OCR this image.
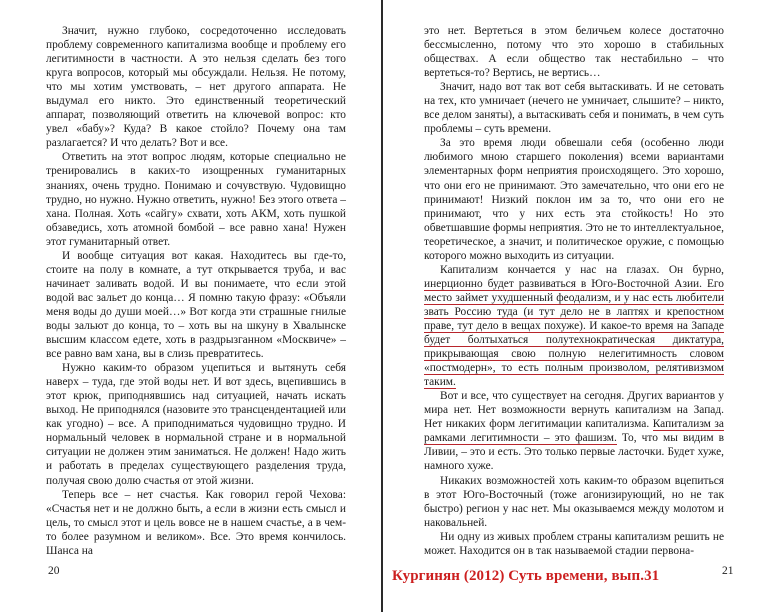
Значит, нужно глубоко, сосредоточенно исследовать проблему современного капитализма вообще и проблему его легитимности в частности. А это нельзя сделать без того круга вопросов, который мы обсуждали. Нельзя. Не потому, что мы хотим умствовать, – нет другого аппарата. Не выдумал его никто. Это единственный теоретический аппарат, позволяющий ответить на ключевой вопрос: кто увел «бабу»? Куда? В какое стойло? Почему она там разлагается? И что делать? Вот и все.

Ответить на этот вопрос людям, которые специально не тренировались в каких-то изощренных гуманитарных знаниях, очень трудно. Понимаю и сочувствую. Чудовищно трудно, но нужно. Нужно ответить, нужно! Без этого ответа – хана. Полная. Хоть «сайгу» схвати, хоть АКМ, хоть пушкой обзаведись, хоть атомной бомбой – все равно хана! Нужен этот гуманитарный ответ.

И вообще ситуация вот какая. Находитесь вы где-то, стоите на полу в комнате, а тут открывается труба, и вас начинает заливать водой. И вы понимаете, что если этой водой вас зальет до конца… Я помню такую фразу: «Объяли меня воды до души моей…» Вот когда эти страшные гнилые воды зальют до конца, то – хоть вы на шкуну в Хвалынске высшим классом едете, хоть в раздрызганном «Москвиче» – все равно вам хана, вы в слизь превратитесь.

Нужно каким-то образом уцепиться и вытянуть себя наверх – туда, где этой воды нет. И вот здесь, вцепившись в этот крюк, приподнявшись над ситуацией, начать искать выход. Не приподнялся (назовите это трансцендентацией или как угодно) – все. А приподниматься чудовищно трудно. И нормальный человек в нормальной стране и в нормальной ситуации не должен этим заниматься. Не должен! Надо жить и работать в пределах существующего разделения труда, получая свою долю счастья от этой жизни.

Теперь все – нет счастья. Как говорил герой Чехова: «Счастья нет и не должно быть, а если в жизни есть смысл и цель, то смысл этот и цель вовсе не в нашем счастье, а в чем-то более разумном и великом». Все. Это время кончилось. Шанса на

20

это нет. Вертеться в этом беличьем колесе достаточно бессмысленно, потому что это хорошо в стабильных обществах. А если общество так нестабильно – что вертеться-то? Вертись, не вертись…

Значит, надо вот так вот себя вытаскивать. И не сетовать на тех, кто умничает (нечего не умничает, слышите? – никто, все делом заняты), а вытаскивать себя и понимать, в чем суть проблемы – суть времени.

За это время люди обвешали себя (особенно люди любимого мною старшего поколения) всеми вариантами элементарных форм неприятия происходящего. Это хорошо, что они его не принимают. Это замечательно, что они его не принимают! Низкий поклон им за то, что они его не принимают, что у них есть эта стойкость! Но это обветшавшие формы неприятия. Это не то интеллектуальное, теоретическое, а значит, и политическое оружие, с помощью которого можно выходить из ситуации.

Капитализм кончается у нас на глазах. Он бурно, инерционно будет развиваться в Юго-Восточной Азии. Его место займет ухудшенный феодализм, и у нас есть любители звать Россию туда (и тут дело не в лаптях и крепостном праве, тут дело в вещах похуже). И какое-то время на Западе будет болтыхаться полутехнократическая диктатура, прикрывающая свою полную нелегитимность словом «постмодерн», то есть полным произволом, релятивизмом таким.

Вот и все, что существует на сегодня. Других вариантов у мира нет. Нет возможности вернуть капитализм на Запад. Нет никаких форм легитимации капитализма. Капитализм за рамками легитимности – это фашизм. То, что мы видим в Ливии, – это и есть. Это только первые ласточки. Будет хуже, намного хуже.

Никаких возможностей хоть каким-то образом вцепиться в этот Юго-Восточный (тоже агонизирующий, но не так быстро) регион у нас нет. Мы оказываемся между молотом и наковальней.

Ни одну из живых проблем страны капитализм решить не может. Находится он в так называемой стадии первона-

Кургинян (2012) Суть времени, вып.31	21
